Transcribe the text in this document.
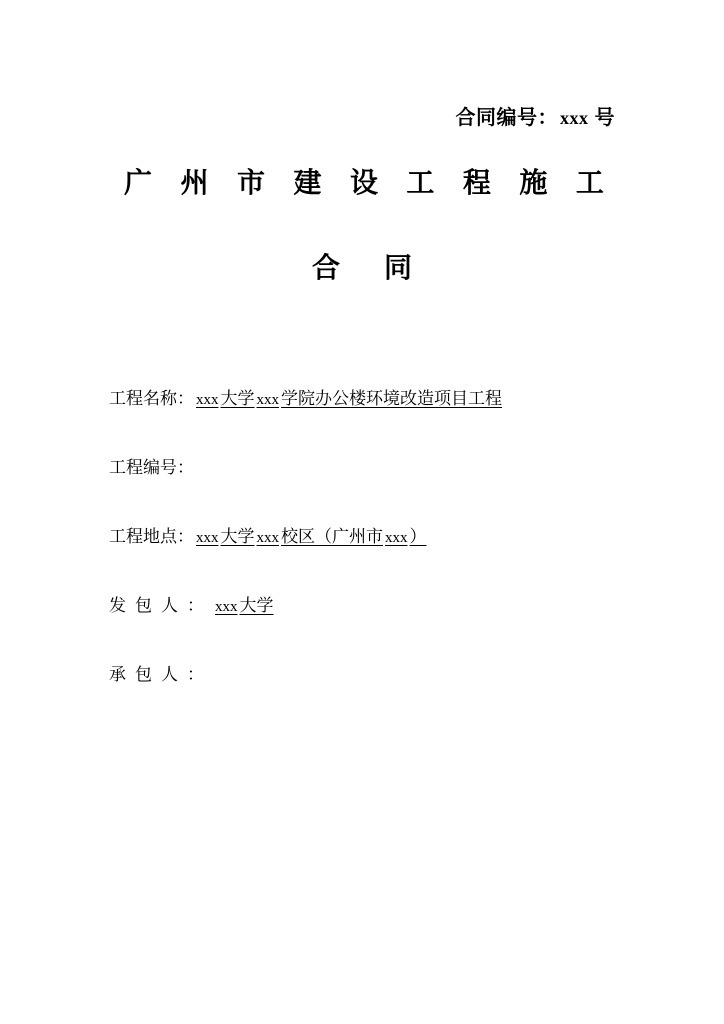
合同编号： xxx 号
广 州 市 建 设 工 程 施 工
合 同
工程名称： xxx 大学 xxx 学院办公楼环境改造项目工程
工程编号：
工程地点： xxx 大学 xxx 校区（广州市 xxx ）
发包人： xxx 大学
承包人：
